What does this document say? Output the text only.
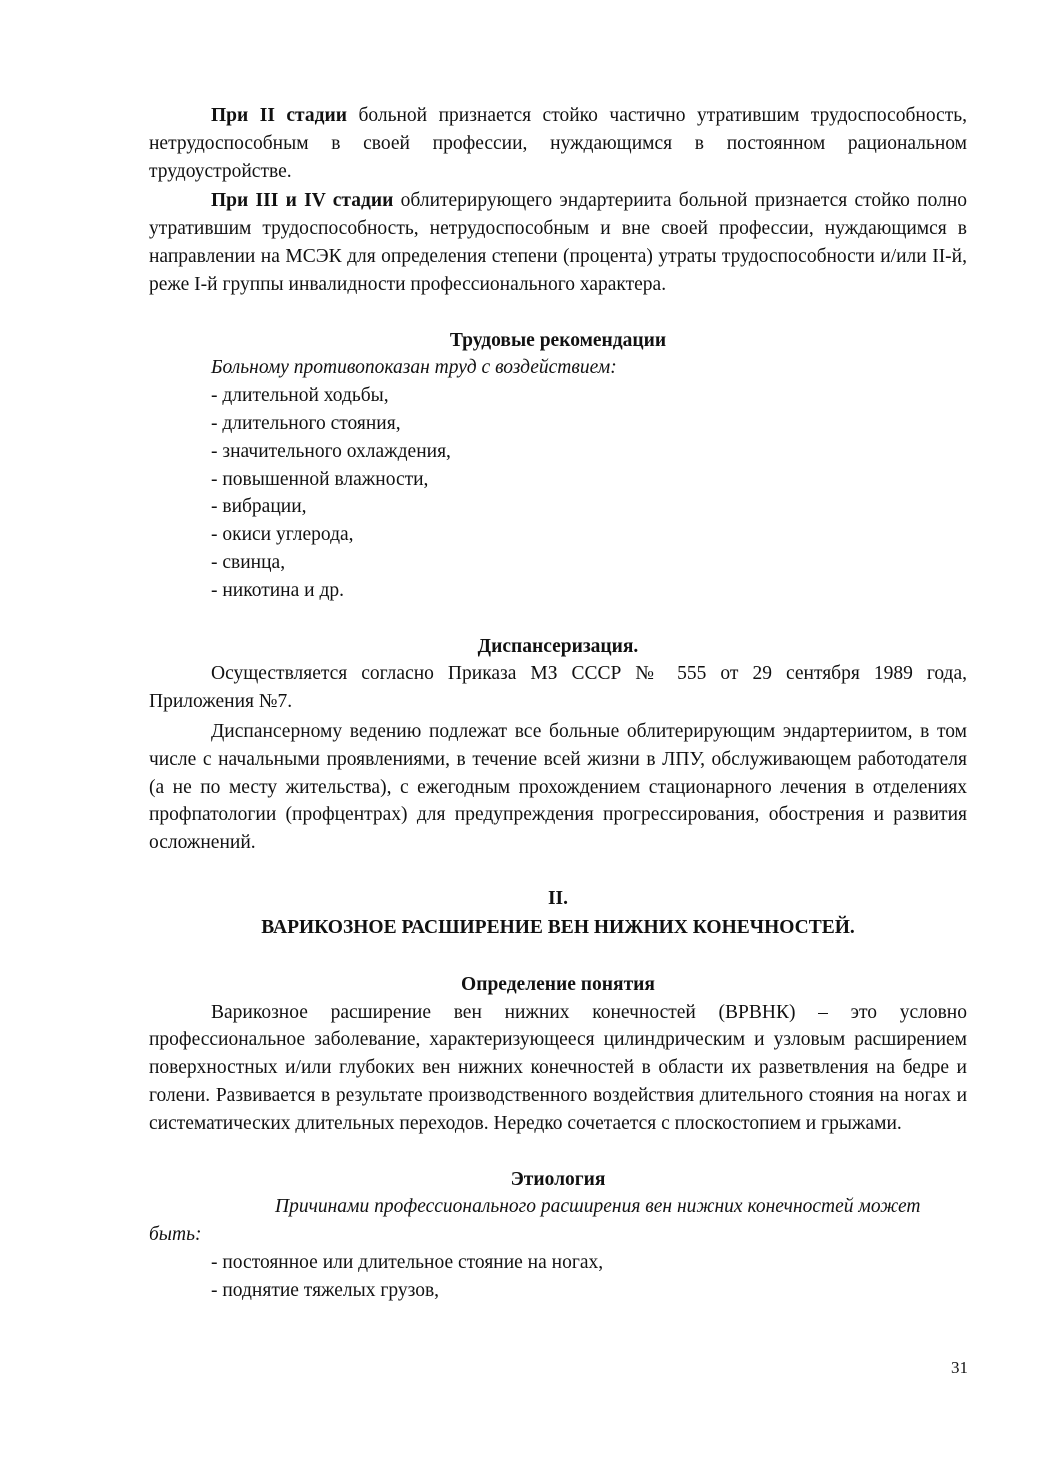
При II стадии больной признается стойко частично утратившим трудоспособность, нетрудоспособным в своей профессии, нуждающимся в постоянном рациональном трудоустройстве.

При III и IV стадии облитерирующего эндартериита больной признается стойко полно утратившим трудоспособность, нетрудоспособным и вне своей профессии, нуждающимся в направлении на МСЭК для определения степени (процента) утраты трудоспособности и/или II-й, реже I-й группы инвалидности профессионального характера.

Трудовые рекомендации
Больному противопоказан труд с воздействием:
- длительной ходьбы,
- длительного стояния,
- значительного охлаждения,
- повышенной влажности,
- вибрации,
- окиси углерода,
- свинца,
- никотина и др.
Диспансеризация.

Осуществляется согласно Приказа МЗ СССР № 555 от 29 сентября 1989 года, Приложения №7.

Диспансерному ведению подлежат все больные облитерирующим эндартериитом, в том числе с начальными проявлениями, в течение всей жизни в ЛПУ, обслуживающем работодателя (а не по месту жительства), с ежегодным прохождением стационарного лечения в отделениях профпатологии (профцентрах) для предупреждения прогрессирования, обострения и развития осложнений.

II.
ВАРИКОЗНОЕ РАСШИРЕНИЕ ВЕН НИЖНИХ КОНЕЧНОСТЕЙ.
Определение понятия

Варикозное расширение вен нижних конечностей (ВРВНК) – это условно профессиональное заболевание, характеризующееся цилиндрическим и узловым расширением поверхностных и/или глубоких вен нижних конечностей в области их разветвления на бедре и голени. Развивается в результате производственного воздействия длительного стояния на ногах и систематических длительных переходов. Нередко сочетается с плоскостопием и грыжами.

Этиология

Причинами профессионального расширения вен нижних конечностей может быть:

- постоянное или длительное стояние на ногах,
- поднятие тяжелых грузов,
31
